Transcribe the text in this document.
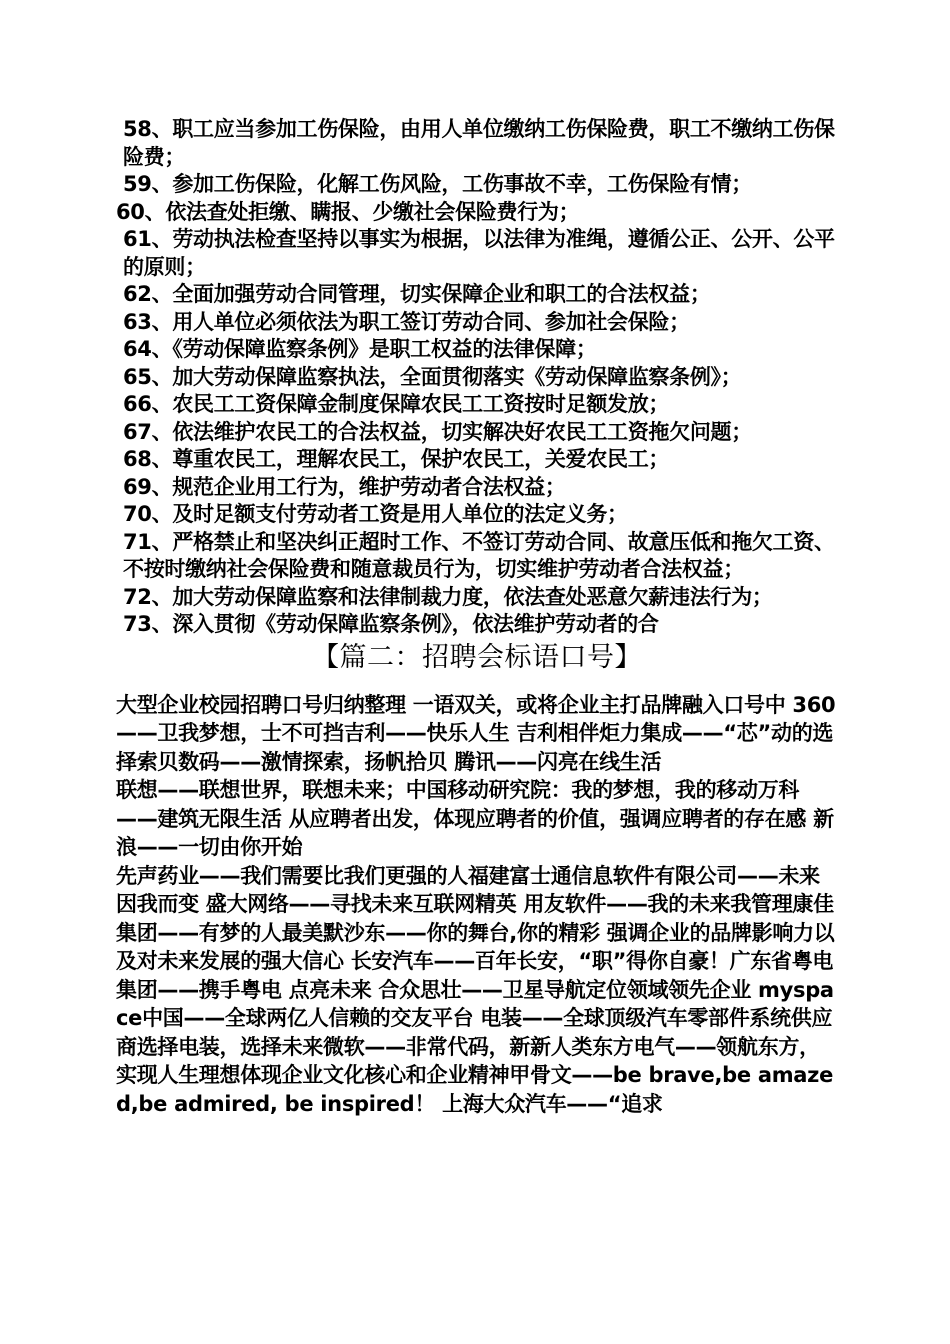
58、职工应当参加工伤保险，由用人单位缴纳工伤保险费，职工不缴纳工伤保险费；

59、参加工伤保险，化解工伤风险，工伤事故不幸，工伤保险有情；

60、依法查处拒缴、瞒报、少缴社会保险费行为；

61、劳动执法检查坚持以事实为根据，以法律为准绳，遵循公正、公开、公平的原则；

62、全面加强劳动合同管理，切实保障企业和职工的合法权益；

63、用人单位必须依法为职工签订劳动合同、参加社会保险；

64、《劳动保障监察条例》是职工权益的法律保障；

65、加大劳动保障监察执法，全面贯彻落实《劳动保障监察条例》；

66、农民工工资保障金制度保障农民工工资按时足额发放；

67、依法维护农民工的合法权益，切实解决好农民工工资拖欠问题；

68、尊重农民工，理解农民工，保护农民工，关爱农民工；

69、规范企业用工行为，维护劳动者合法权益；

70、及时足额支付劳动者工资是用人单位的法定义务；

71、严格禁止和坚决纠正超时工作、不签订劳动合同、故意压低和拖欠工资、不按时缴纳社会保险费和随意裁员行为，切实维护劳动者合法权益；

72、加大劳动保障监察和法律制裁力度，依法查处恶意欠薪违法行为；

73、深入贯彻《劳动保障监察条例》，依法维护劳动者的合

【篇二：招聘会标语口号】

大型企业校园招聘口号归纳整理 一语双关，或将企业主打品牌融入口号中 360——卫我梦想，士不可挡吉利——快乐人生 吉利相伴炬力集成——“芯”动的选择索贝数码——激情探索，扬帆拾贝 腾讯——闪亮在线生活

联想——联想世界，联想未来；中国移动研究院：我的梦想，我的移动万科——建筑无限生活 从应聘者出发，体现应聘者的价值，强调应聘者的存在感 新浪——一切由你开始

先声药业——我们需要比我们更强的人福建富士通信息软件有限公司——未来因我而变 盛大网络——寻找未来互联网精英 用友软件——我的未来我管理康佳集团——有梦的人最美默沙东——你的舞台,你的精彩 强调企业的品牌影响力以及对未来发展的强大信心 长安汽车——百年长安，“职”得你自豪！广东省粤电集团——携手粤电 点亮未来 合众思壮——卫星导航定位领域领先企业 myspace中国——全球两亿人信赖的交友平台 电装——全球顶级汽车零部件系统供应商选择电装，选择未来微软——非常代码，新新人类东方电气——领航东方，实现人生理想体现企业文化核心和企业精神甲骨文——be brave,be amazed,be admired, be inspired！ 上海大众汽车——“追求
